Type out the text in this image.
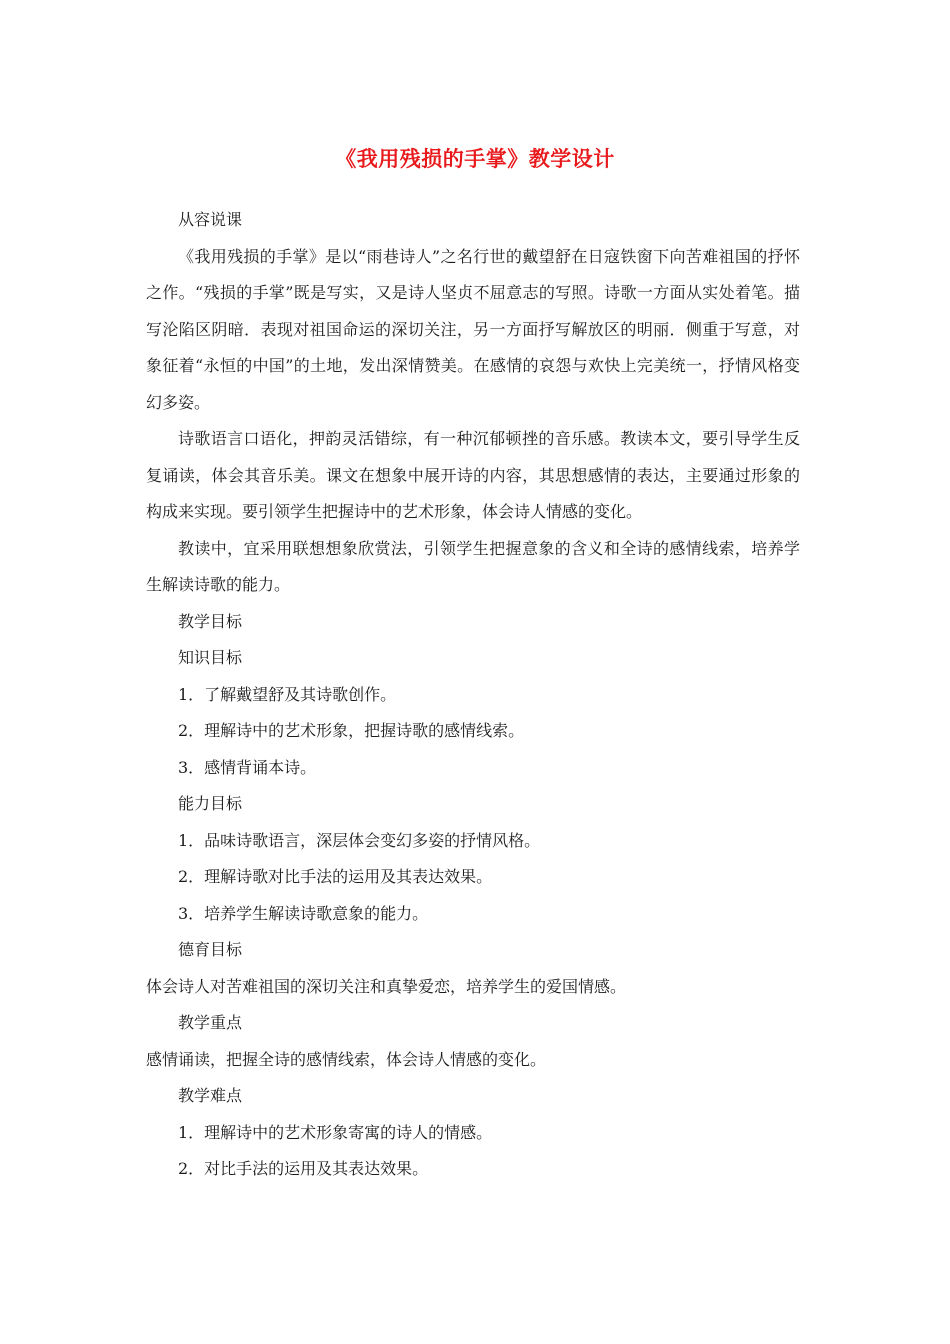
《我用残损的手掌》教学设计

从容说课

《我用残损的手掌》是以“雨巷诗人”之名行世的戴望舒在日寇铁窗下向苦难祖国的抒怀之作。“残损的手掌”既是写实，又是诗人坚贞不屈意志的写照。诗歌一方面从实处着笔。描写沦陷区阴暗．表现对祖国命运的深切关注，另一方面抒写解放区的明丽．侧重于写意，对象征着“永恒的中国”的土地，发出深情赞美。在感情的哀怨与欢快上完美统一，抒情风格变幻多姿。

诗歌语言口语化，押韵灵活错综，有一种沉郁顿挫的音乐感。教读本文，要引导学生反复诵读，体会其音乐美。课文在想象中展开诗的内容，其思想感情的表达，主要通过形象的构成来实现。要引领学生把握诗中的艺术形象，体会诗人情感的变化。

教读中，宜采用联想想象欣赏法，引领学生把握意象的含义和全诗的感情线索，培养学生解读诗歌的能力。

教学目标

知识目标

1．了解戴望舒及其诗歌创作。

2．理解诗中的艺术形象，把握诗歌的感情线索。

3．感情背诵本诗。

能力目标

1．品味诗歌语言，深层体会变幻多姿的抒情风格。

2．理解诗歌对比手法的运用及其表达效果。

3．培养学生解读诗歌意象的能力。

德育目标

体会诗人对苦难祖国的深切关注和真挚爱恋，培养学生的爱国情感。

教学重点

感情诵读，把握全诗的感情线索，体会诗人情感的变化。

教学难点

1．理解诗中的艺术形象寄寓的诗人的情感。

2．对比手法的运用及其表达效果。
